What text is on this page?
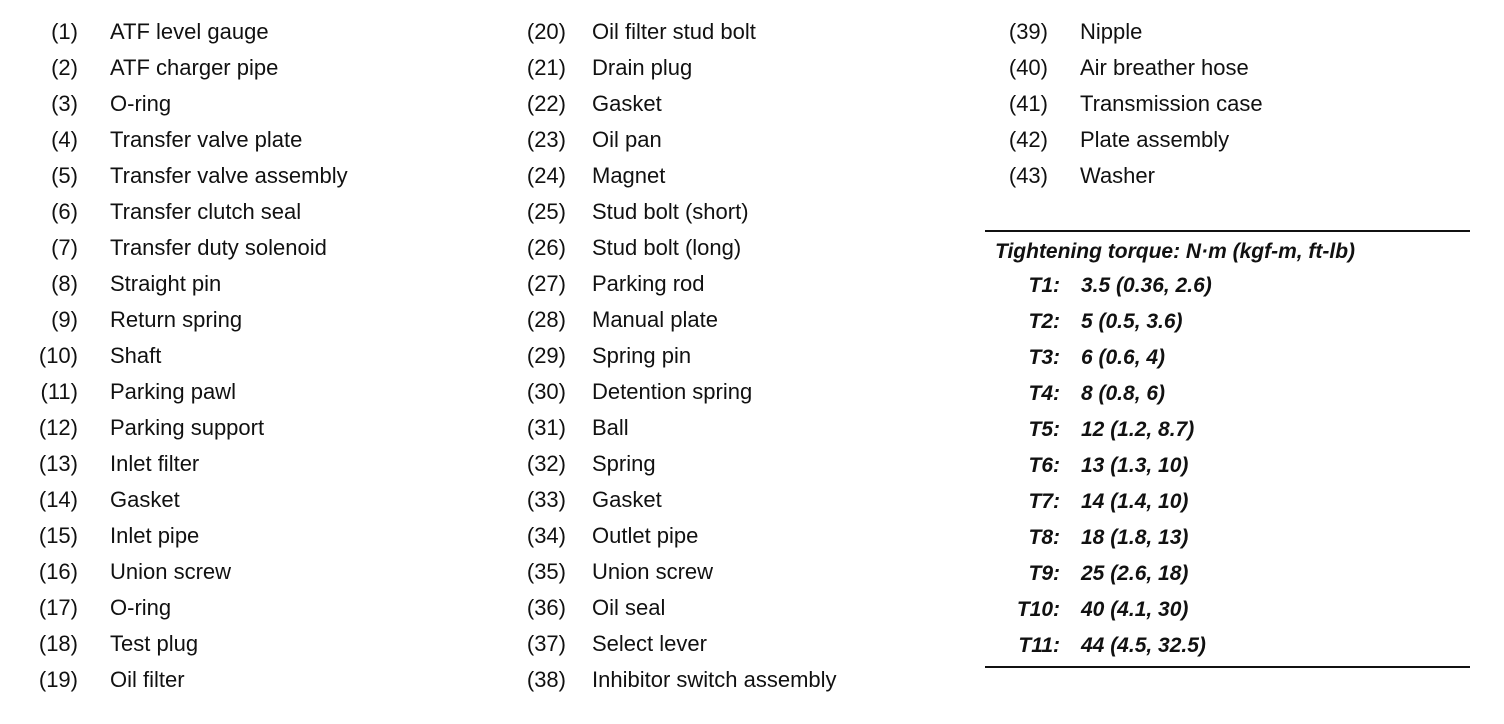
(1) ATF level gauge
(2) ATF charger pipe
(3) O-ring
(4) Transfer valve plate
(5) Transfer valve assembly
(6) Transfer clutch seal
(7) Transfer duty solenoid
(8) Straight pin
(9) Return spring
(10) Shaft
(11) Parking pawl
(12) Parking support
(13) Inlet filter
(14) Gasket
(15) Inlet pipe
(16) Union screw
(17) O-ring
(18) Test plug
(19) Oil filter
(20) Oil filter stud bolt
(21) Drain plug
(22) Gasket
(23) Oil pan
(24) Magnet
(25) Stud bolt (short)
(26) Stud bolt (long)
(27) Parking rod
(28) Manual plate
(29) Spring pin
(30) Detention spring
(31) Ball
(32) Spring
(33) Gasket
(34) Outlet pipe
(35) Union screw
(36) Oil seal
(37) Select lever
(38) Inhibitor switch assembly
(39) Nipple
(40) Air breather hose
(41) Transmission case
(42) Plate assembly
(43) Washer
Tightening torque: N·m (kgf-m, ft-lb)
T1: 3.5 (0.36, 2.6)
T2: 5 (0.5, 3.6)
T3: 6 (0.6, 4)
T4: 8 (0.8, 6)
T5: 12 (1.2, 8.7)
T6: 13 (1.3, 10)
T7: 14 (1.4, 10)
T8: 18 (1.8, 13)
T9: 25 (2.6, 18)
T10: 40 (4.1, 30)
T11: 44 (4.5, 32.5)
